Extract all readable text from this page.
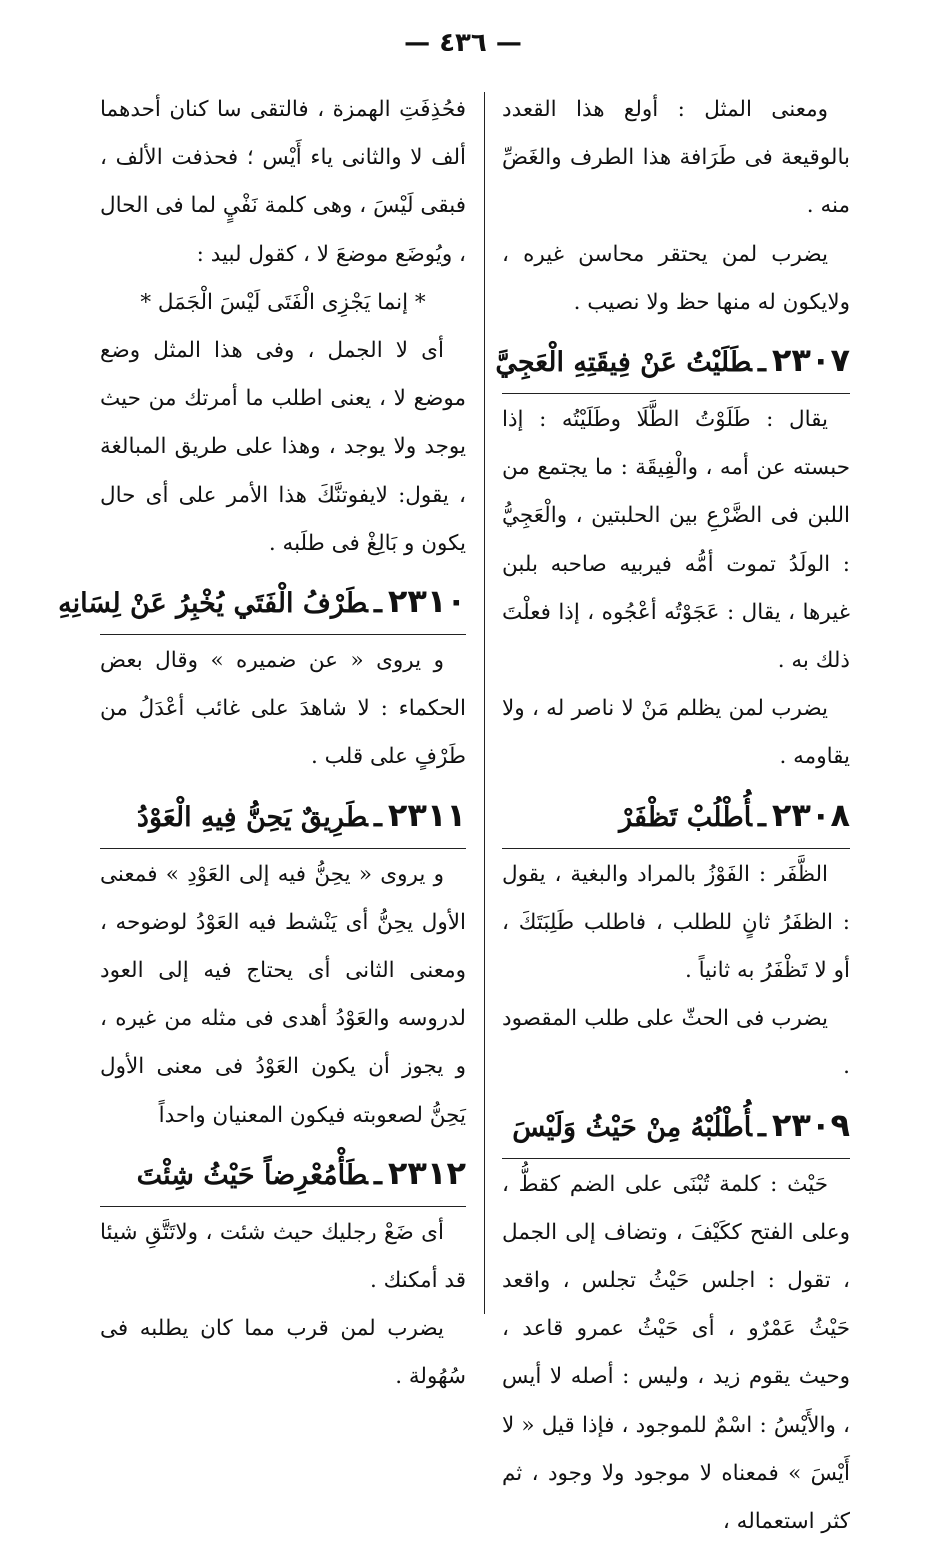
— ٤٣٦ —

ومعنى المثل : أولع هذا القعدد بالوقيعة فى طَرَافة هذا الطرف والغَضِّ منه .

يضرب لمن يحتقر محاسن غيره ، ولايكون له منها حظ ولا نصيب .

٢٣٠٧ـطَلَيْتُ عَنْ فِيقَتِهِ الْعَجِيَّ

يقال : طَلَوْتُ الطَّلَا وطَلَيْتُه : إذا حبسته عن أمه ، والْفِيقَة : ما يجتمع من اللبن فى الضَّرْعِ بين الحلبتين ، والْعَجِيُّ : الولَدُ تموت أمُّه فيربيه صاحبه بلبن غيرها ، يقال : عَجَوْتُه أعْجُوه ، إذا فعلْتَ ذلك به .

يضرب لمن يظلم مَنْ لا ناصر له ، ولا يقاومه .

٢٣٠٨ـأُطْلُبْ تَظْفَرْ

الظَّفَر : الفَوْزُ بالمراد والبغية ، يقول : الظفَرُ ثانٍ للطلب ، فاطلب طَلِبَتَكَ ، أو لا تَظْفَرُ به ثانياً .

يضرب فى الحثّ على طلب المقصود .

٢٣٠٩ـأُطْلُبْهُ مِنْ حَيْثُ وَلَيْسَ

حَيْث : كلمة تُبْنَى على الضم كقطُّ ، وعلى الفتح ككَيْفَ ، وتضاف إلى الجمل ، تقول : اجلس حَيْثُ تجلس ، واقعد حَيْثُ عَمْرٌو ، أى حَيْثُ عمرو قاعد ، وحيث يقوم زيد ، وليس : أصله لا أيس ، والأَيْسُ : اسْمٌ للموجود ، فإذا قيل « لا أَيْسَ » فمعناه لا موجود ولا وجود ، ثم كثر استعماله ،

فحُذِفَتِ الهمزة ، فالتقى سا كنان أحدهما ألف لا والثانى ياء أَيْس ؛ فحذفت الألف ، فبقى لَيْسَ ، وهى كلمة نَفْيٍ لما فى الحال ، ويُوضَع موضعَ لا ، كقول لبيد :

* إنما يَجْزِى الْفَتَى لَيْسَ الْجَمَل *

أى لا الجمل ، وفى هذا المثل وضع موضع لا ، يعنى اطلب ما أمرتك من حيث يوجد ولا يوجد ، وهذا على طريق المبالغة ، يقول: لايفوتنَّكَ هذا الأمر على أى حال يكون و بَالِغْ فى طلَبه .

٢٣١٠ـطَرْفُ الْفَتَي يُخْبِرُ عَنْ لِسَانِهِ

و يروى « عن ضميره » وقال بعض الحكماء : لا شاهدَ على غائب أعْدَلُ من طَرْفٍ على قلب .

٢٣١١ـطَرِيقٌ يَحِنُّ فِيهِ الْعَوْدُ

و يروى « يحِنُّ فيه إلى العَوْدِ » فمعنى الأول يحِنُّ أى يَنْشط فيه العَوْدُ لوضوحه ، ومعنى الثانى أى يحتاج فيه إلى العود لدروسه والعَوْدُ أهدى فى مثله من غيره ، و يجوز أن يكون العَوْدُ فى معنى الأول يَحِنُّ لصعوبته فيكون المعنيان واحداً

٢٣١٢ـطَأْمُعْرِضاً حَيْثُ شِئْتَ

أى ضَعْ رجليك حيث شئت ، ولاتَتَّقِ شيئا قد أمكنك .

يضرب لمن قرب مما كان يطلبه فى سُهُولة .
